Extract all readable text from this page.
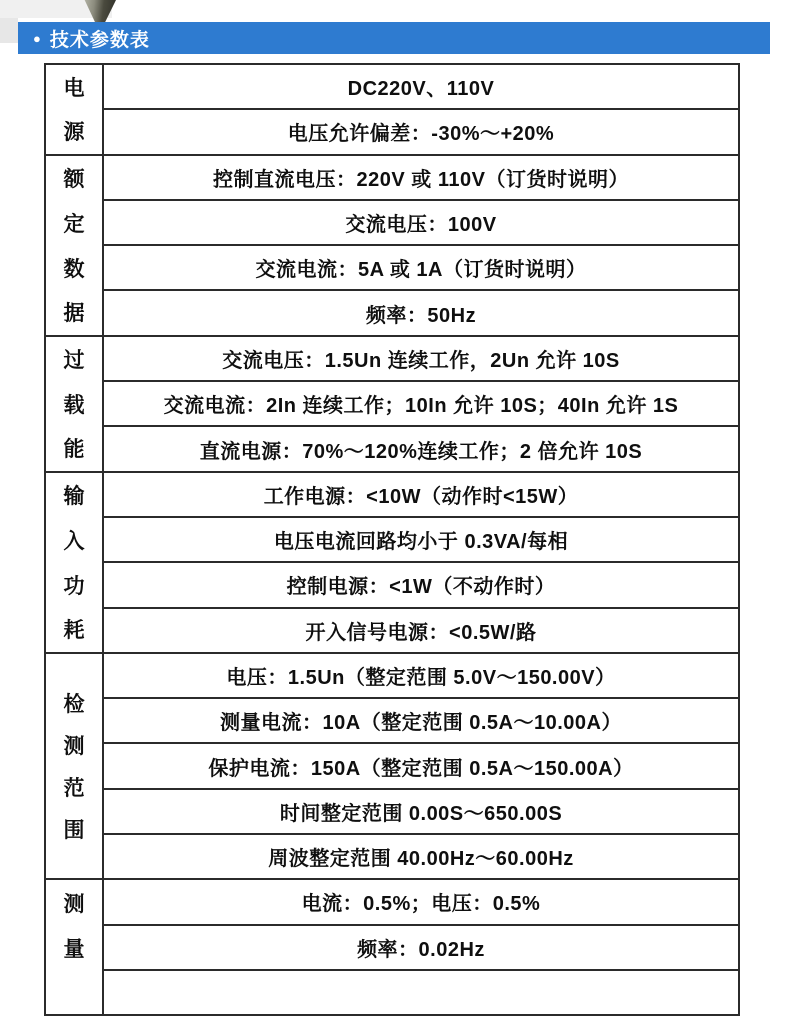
● 技术参数表
电
源	DC220V、110V
	电压允许偏差：-30%～+20%

额
定
数
据	控制直流电压：220V 或 110V（订货时说明）
	交流电压：100V
	交流电流：5A 或 1A（订货时说明）
	频率：50Hz

过
载
能	交流电压：1.5Un 连续工作，2Un 允许 10S
	交流电流：2In 连续工作；10In 允许 10S；40In 允许 1S
	直流电源：70%～120%连续工作；2 倍允许 10S

输
入
功
耗	工作电源：<10W（动作时<15W）
	电压电流回路均小于 0.3VA/每相
	控制电源：<1W（不动作时）
	开入信号电源：<0.5W/路

检
测
范
围	电压：1.5Un（整定范围 5.0V～150.00V）
	测量电流：10A（整定范围 0.5A～10.00A）
	保护电流：150A（整定范围 0.5A～150.00A）
	时间整定范围 0.00S～650.00S
	周波整定范围 40.00Hz～60.00Hz

测
量	电流：0.5%；电压：0.5%
	频率：0.02Hz
